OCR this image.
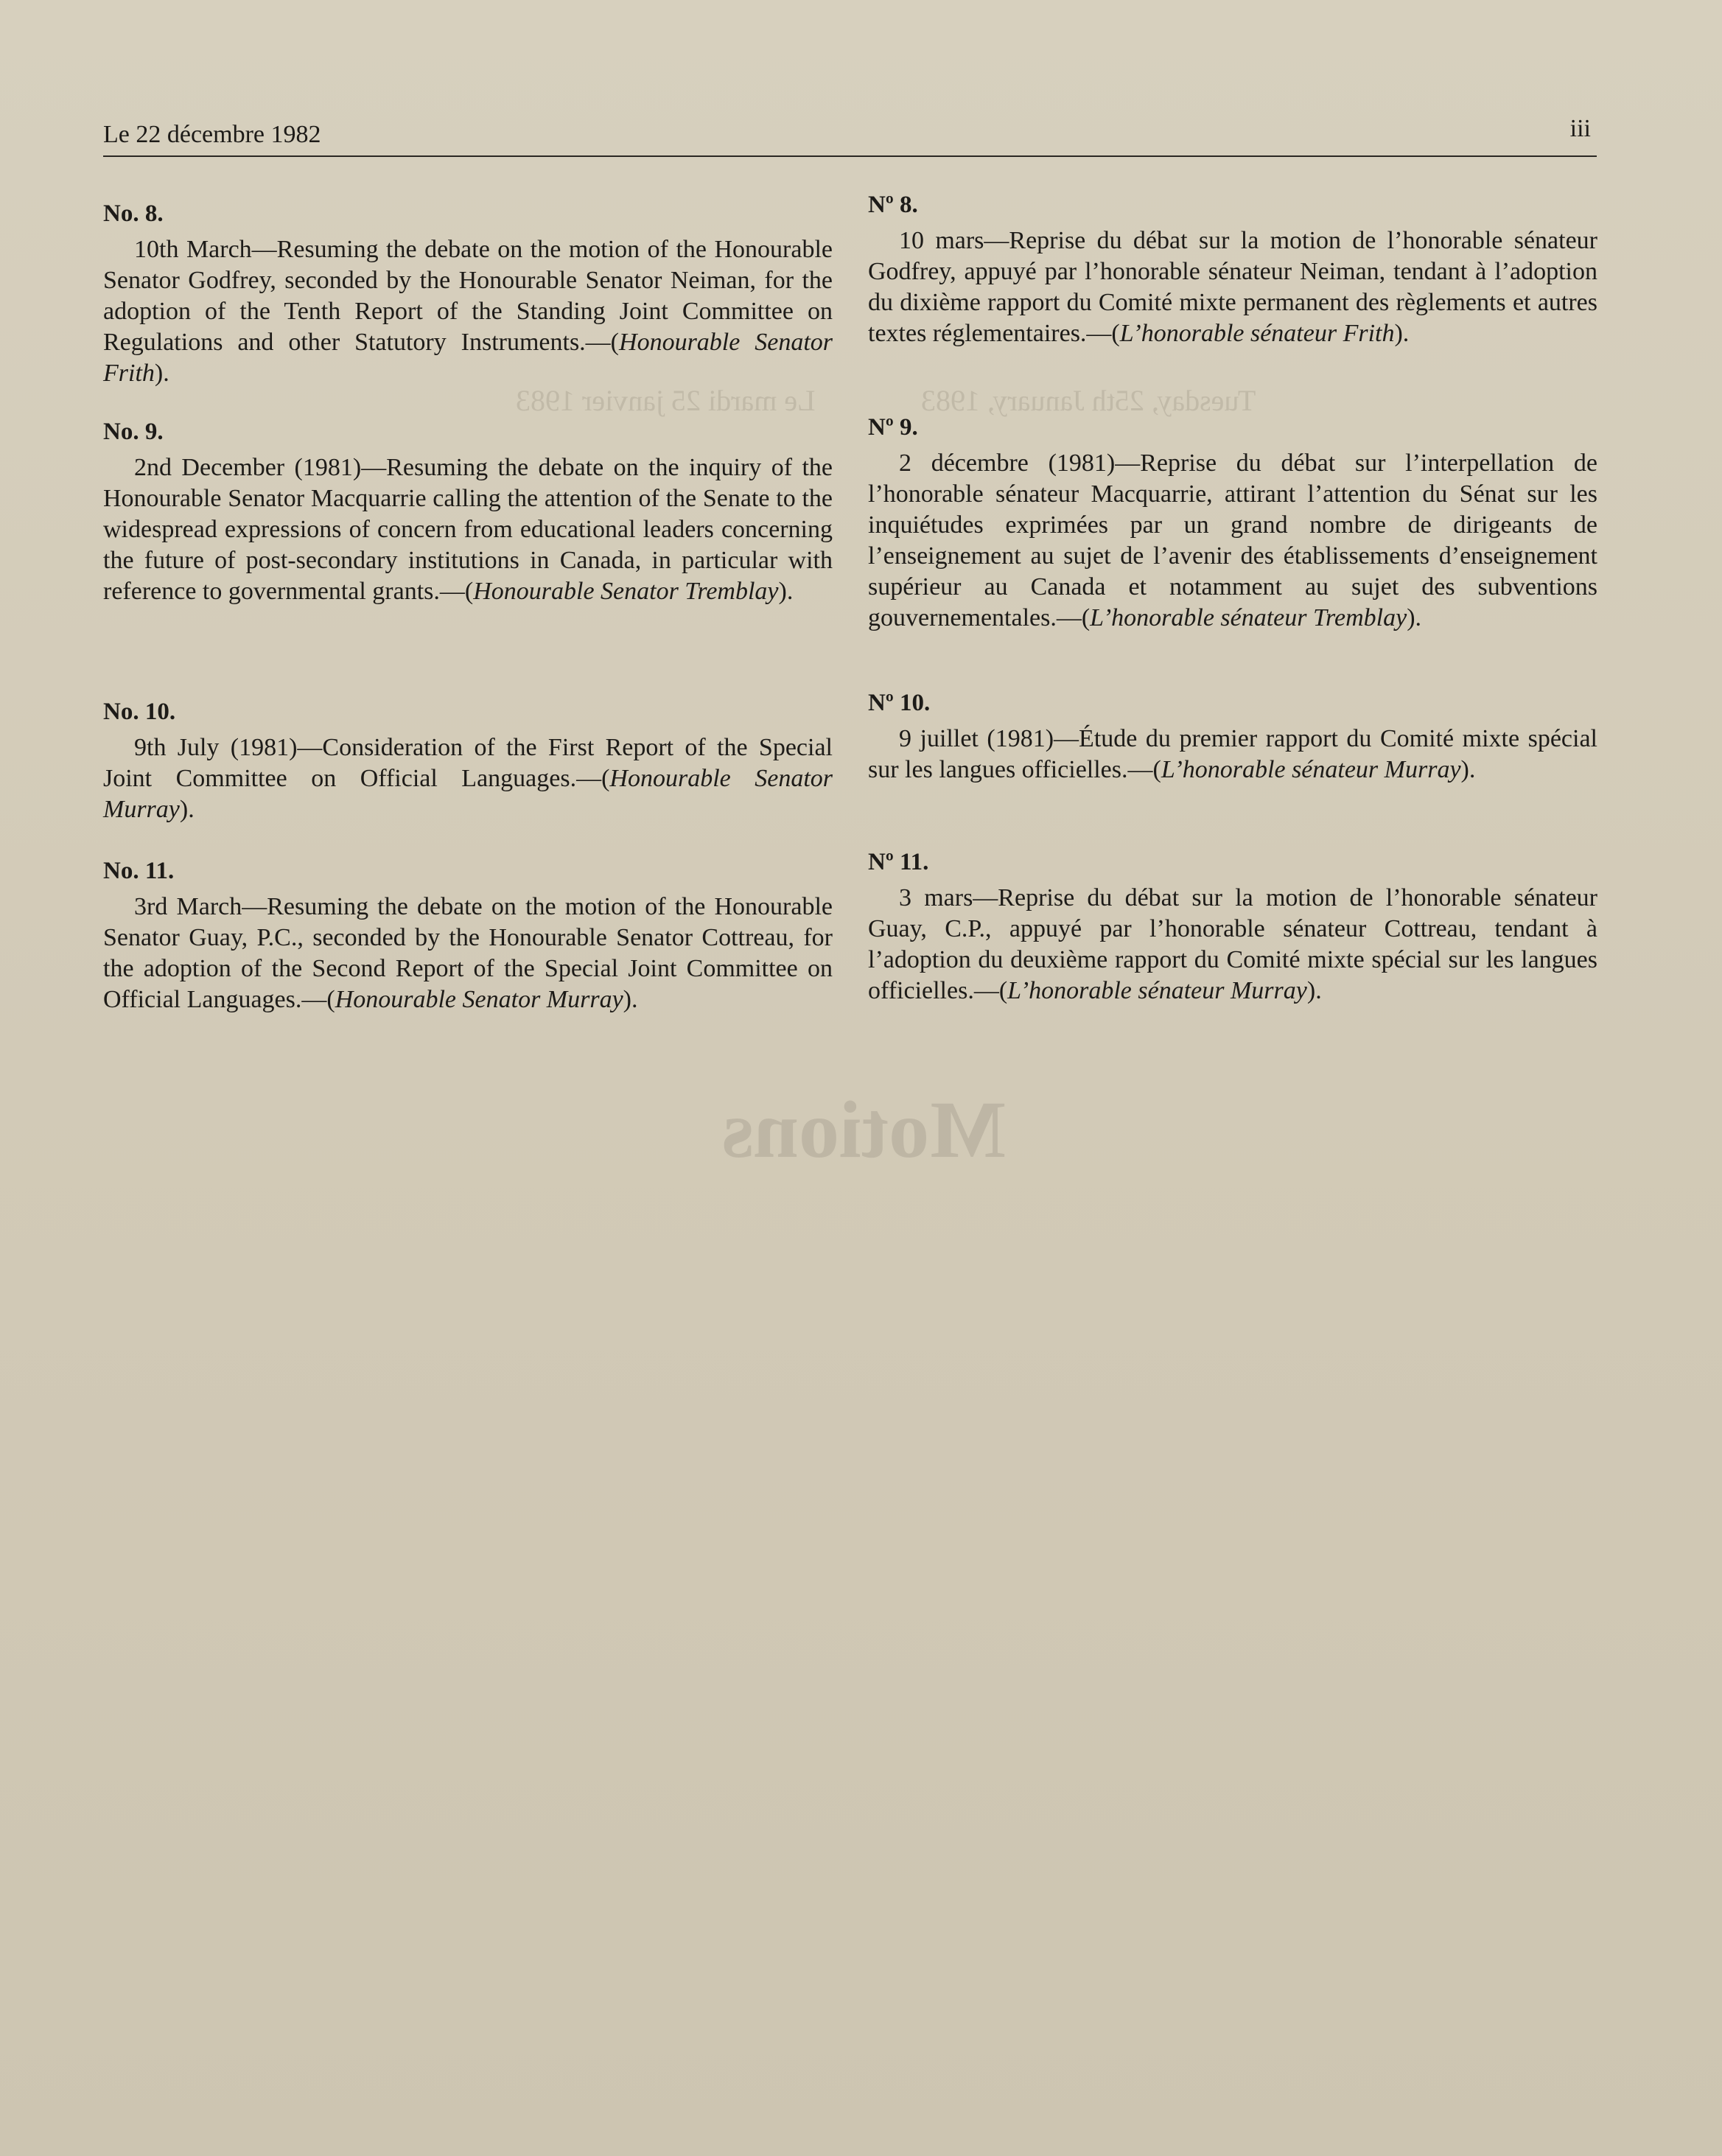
Motions
Le mardi 25 janvier 1983	Tuesday, 25th January, 1983
Le 22 décembre 1982	iii
No. 8.

10th March—Resuming the debate on the motion of the Honourable Senator Godfrey, seconded by the Honourable Senator Neiman, for the adoption of the Tenth Report of the Standing Joint Committee on Regulations and other Statutory Instruments.—(Honourable Senator Frith).

No. 9.

2nd December (1981)—Resuming the debate on the inquiry of the Honourable Senator Macquarrie calling the attention of the Senate to the widespread expressions of concern from educational leaders concerning the future of post-secondary institutions in Canada, in particular with reference to governmental grants.—(Honourable Senator Tremblay).

No. 10.

9th July (1981)—Consideration of the First Report of the Special Joint Committee on Official Languages.—(Honourable Senator Murray).

No. 11.

3rd March—Resuming the debate on the motion of the Honourable Senator Guay, P.C., seconded by the Honourable Senator Cottreau, for the adoption of the Second Report of the Special Joint Committee on Official Languages.—(Honourable Senator Murray).

Nº 8.

10 mars—Reprise du débat sur la motion de l’honorable sénateur Godfrey, appuyé par l’honorable sénateur Neiman, tendant à l’adoption du dixième rapport du Comité mixte permanent des règlements et autres textes réglementaires.—(L’honorable sénateur Frith).

Nº 9.

2 décembre (1981)—Reprise du débat sur l’interpellation de l’honorable sénateur Macquarrie, attirant l’attention du Sénat sur les inquiétudes exprimées par un grand nombre de dirigeants de l’enseignement au sujet de l’avenir des établissements d’enseignement supérieur au Canada et notamment au sujet des subventions gouvernementales.—(L’honorable sénateur Tremblay).

Nº 10.

9 juillet (1981)—Étude du premier rapport du Comité mixte spécial sur les langues officielles.—(L’honorable sénateur Murray).

Nº 11.

3 mars—Reprise du débat sur la motion de l’honorable sénateur Guay, C.P., appuyé par l’honorable sénateur Cottreau, tendant à l’adoption du deuxième rapport du Comité mixte spécial sur les langues officielles.—(L’honorable sénateur Murray).
